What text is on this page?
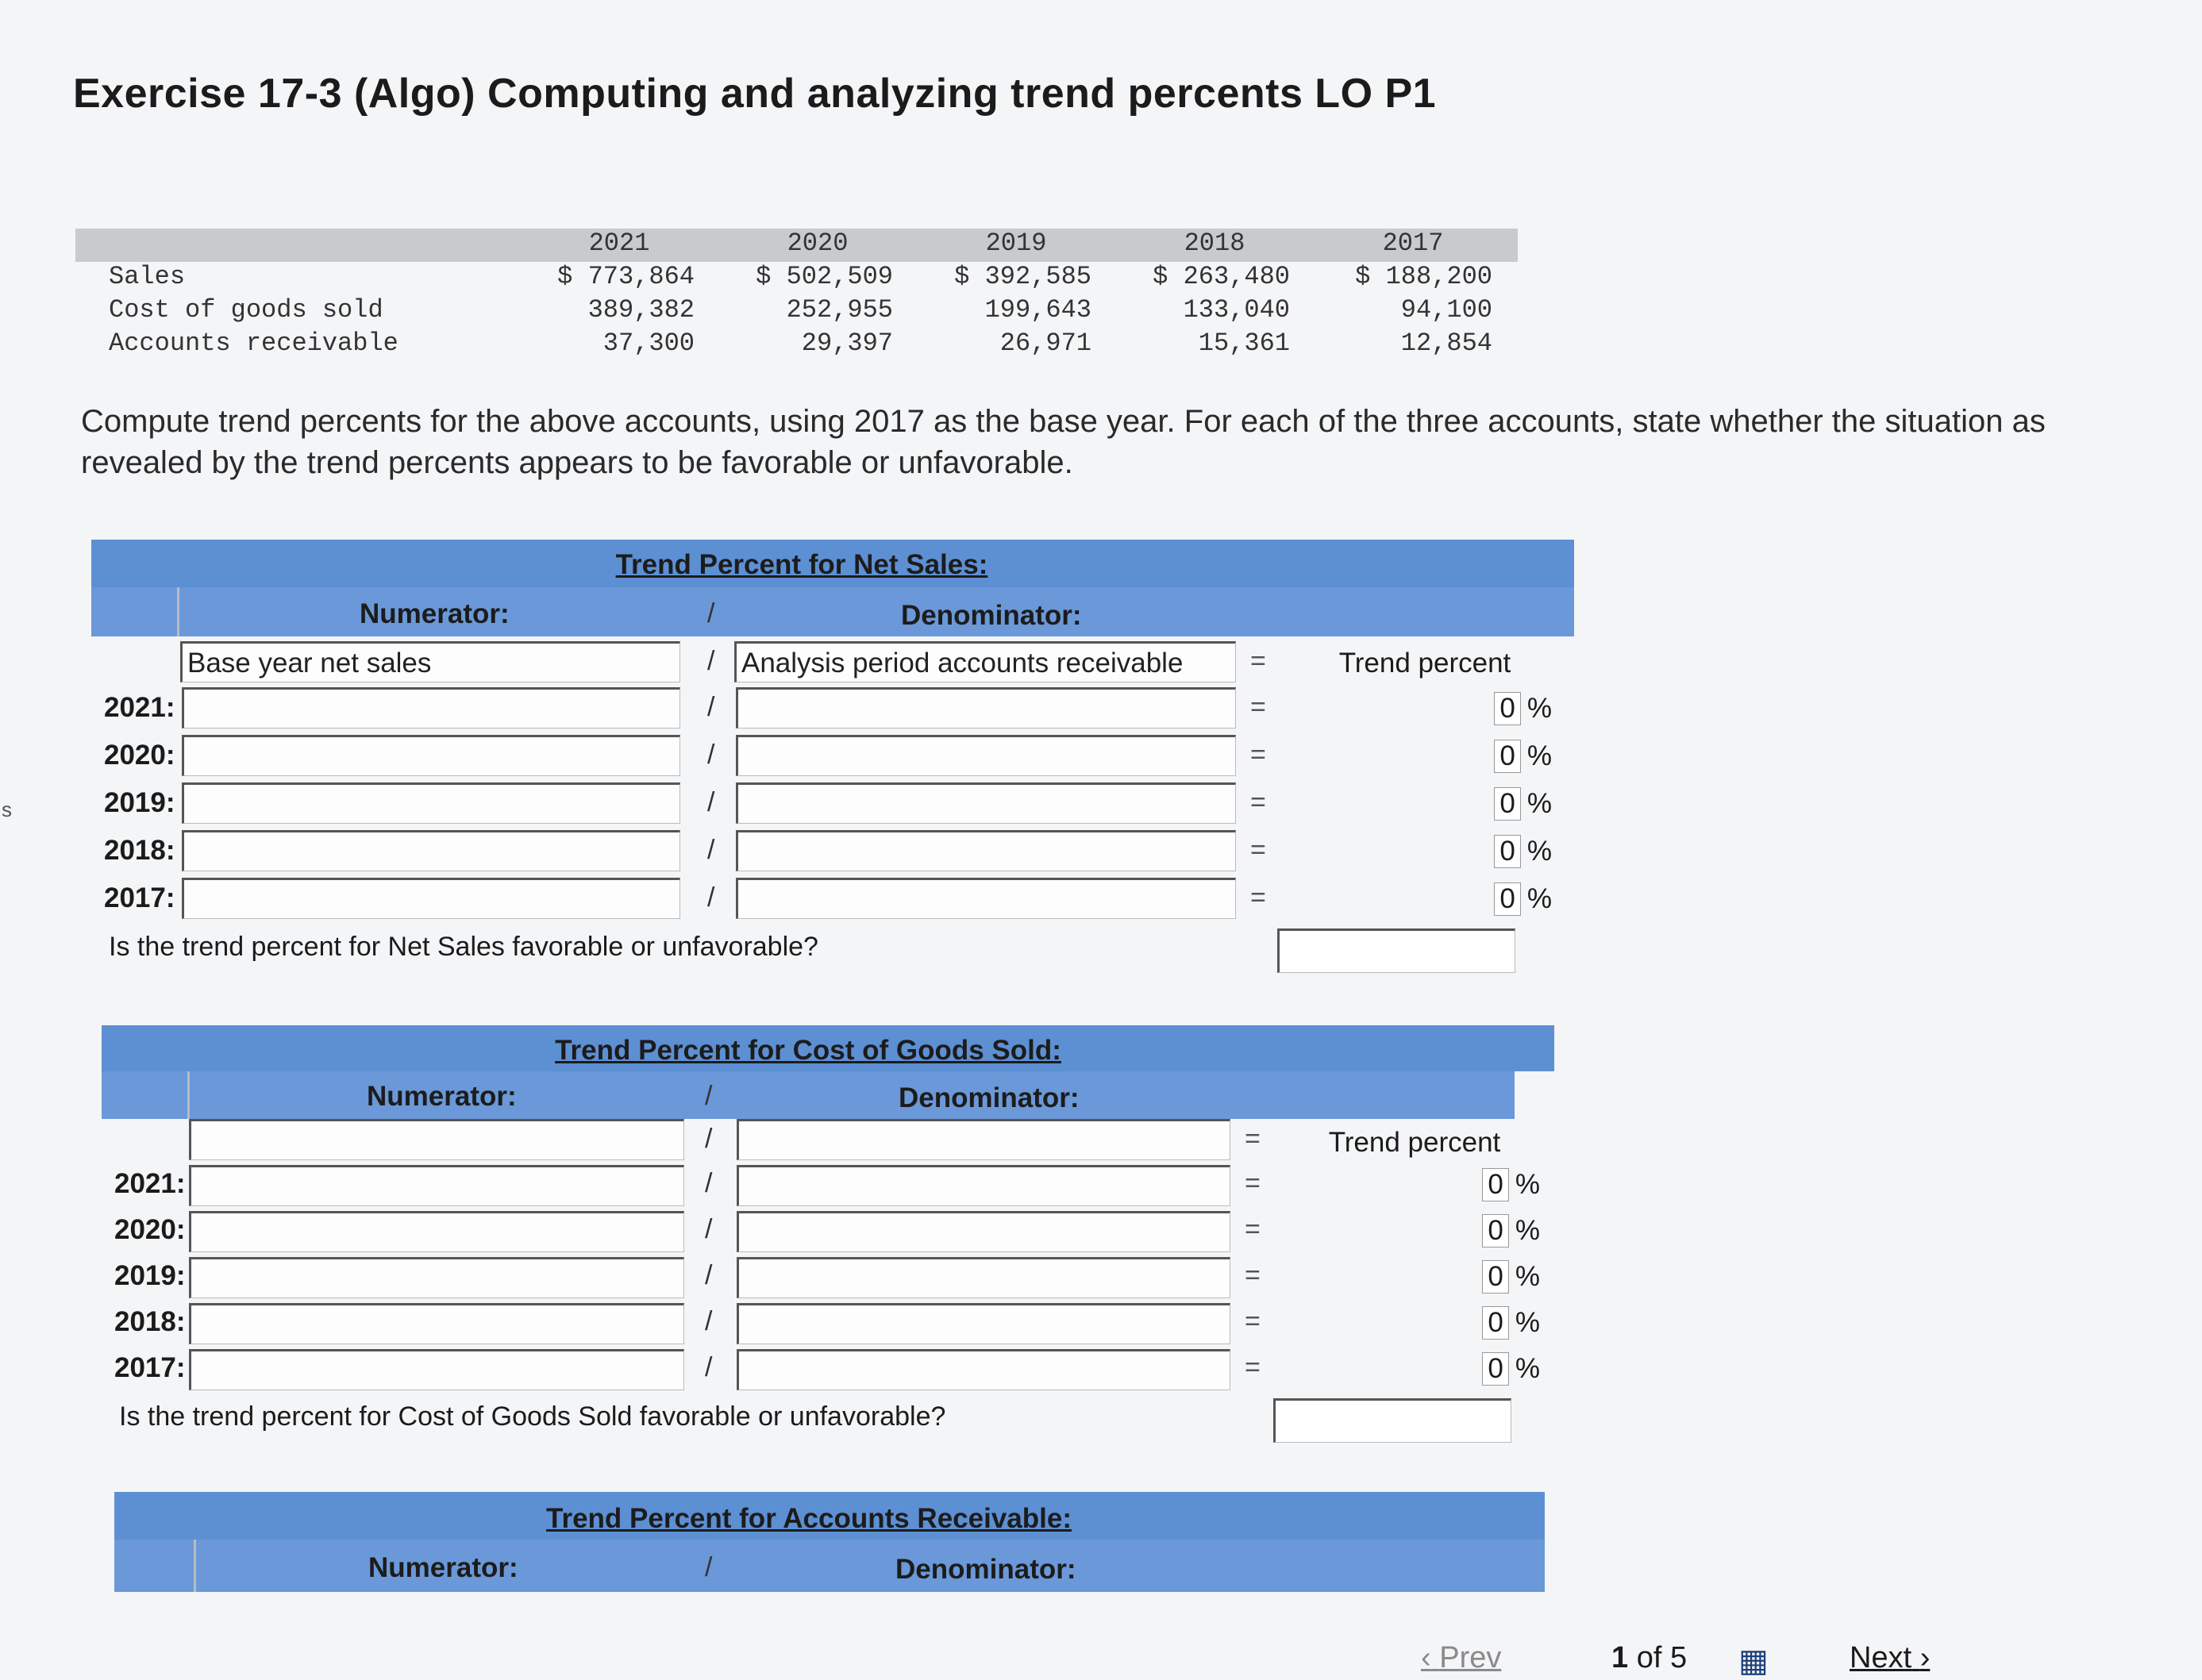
s
Exercise 17-3 (Algo) Computing and analyzing trend percents LO P1
2021	2020	2019	2018	2017
Sales	$ 773,864	$ 502,509	$ 392,585	$ 263,480	$ 188,200
Cost of goods sold	389,382	252,955	199,643	133,040	94,100
Accounts receivable	37,300	29,397	26,971	15,361	12,854
Compute trend percents for the above accounts, using 2017 as the base year. For each of the three accounts, state whether the situation as revealed by the trend percents appears to be favorable or unfavorable.
Trend Percent for Net Sales:
Numerator:	/	Denominator:
Base year net sales	/ Analysis period accounts receivable	=	Trend percent
2021:	/	=	0 %
2020:	/	=	0 %
2019:	/	=	0 %
2018:	/	=	0 %
2017:	/	=	0 %
Is the trend percent for Net Sales favorable or unfavorable?
Trend Percent for Cost of Goods Sold:
Numerator:	/	Denominator:
/	=	Trend percent
2021:	/	=	0 %
2020:	/	=	0 %
2019:	/	=	0 %
2018:	/	=	0 %
2017:	/	=	0 %
Is the trend percent for Cost of Goods Sold favorable or unfavorable?
Trend Percent for Accounts Receivable:
Numerator:	/	Denominator:
‹ Prev	1 of 5 ▦	Next ›
